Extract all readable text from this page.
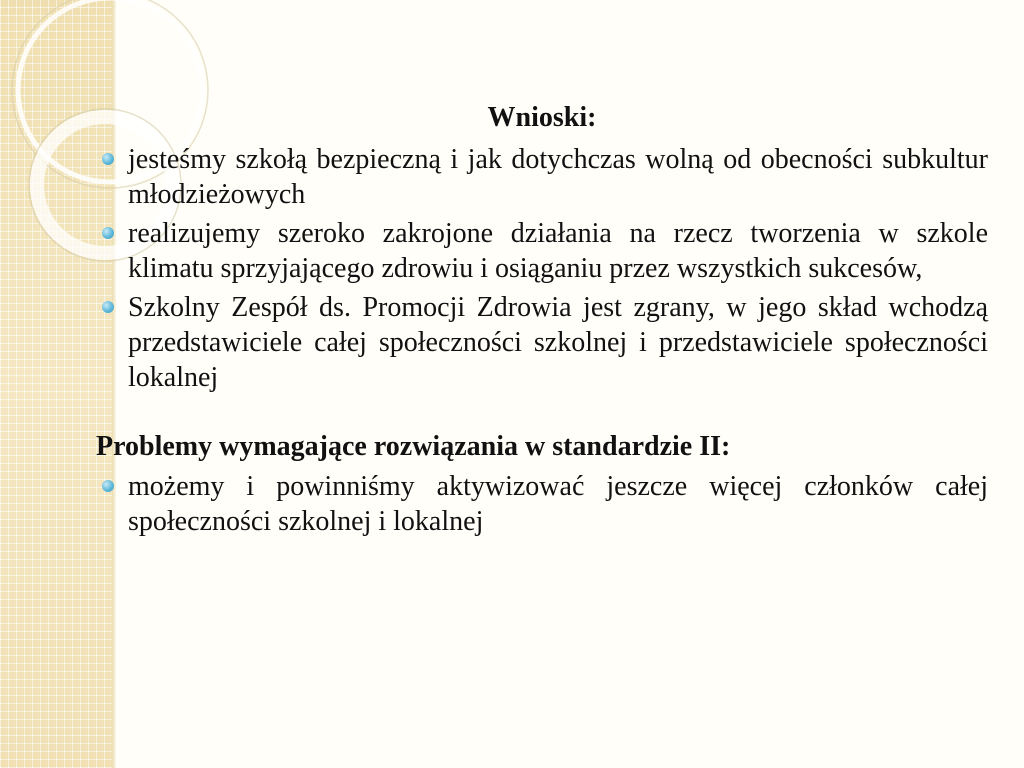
Wnioski:

jesteśmy szkołą bezpieczną i jak dotychczas wolną od obecności subkultur młodzieżowych
realizujemy szeroko zakrojone działania na rzecz tworzenia w szkole klimatu sprzyjającego zdrowiu i osiąganiu przez wszystkich sukcesów,
Szkolny Zespół ds. Promocji Zdrowia jest zgrany, w jego skład wchodzą przedstawiciele całej społeczności szkolnej i przedstawiciele społeczności lokalnej

Problemy wymagające rozwiązania w standardzie II:

możemy i powinniśmy aktywizować jeszcze więcej członków całej społeczności szkolnej i lokalnej
